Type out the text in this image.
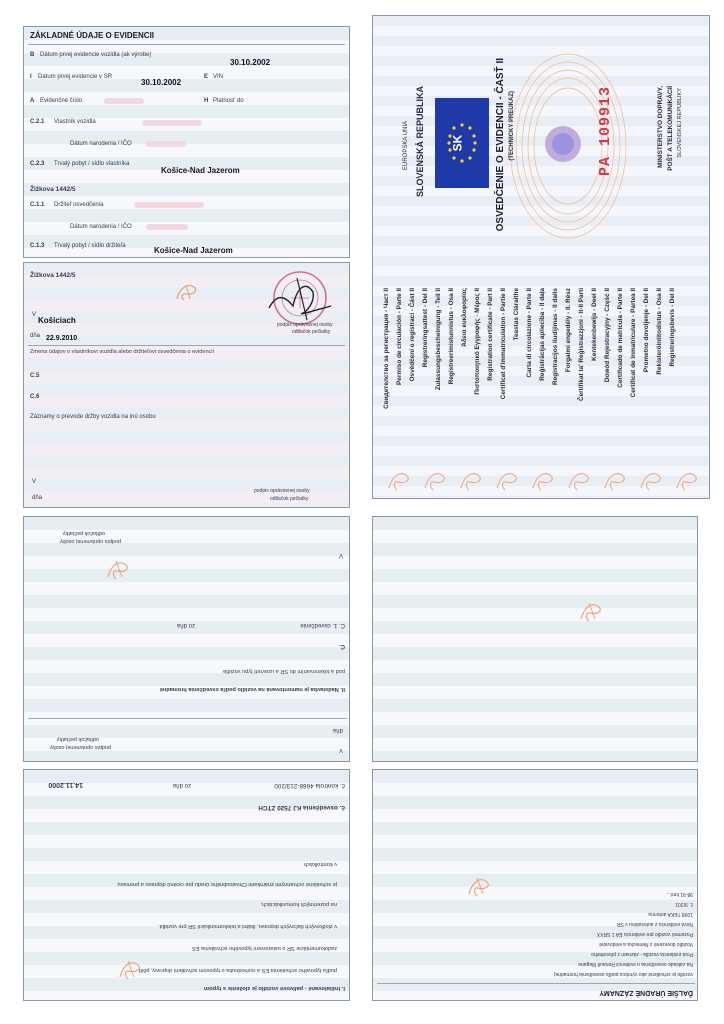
ZÁKLADNÉ ÚDAJE O EVIDENCII
B Dátum prvej evidencie vozidla (ak výrobe)
30.10.2002
I Dátum prvej evidencie v SR
30.10.2002
E VIN
A Evidenčné číslo	H Platnosť do
C.2.1 Vlastník vozidla
Dátum narodenia / IČO
C.2.3 Trvalý pobyt / sídlo vlastníka
Košice-Nad Jazerom
Žižkova 1442/5
C.1.1 Držiteľ osvedčenia
Dátum narodenia / IČO
C.1.3 Trvalý pobyt / sídlo držiteľa	Košice-Nad Jazerom
Žižkova 1442/5
V
Košiciach
dňa 22.9.2010
podpis oprávnenej osoby
odtlačok pečiatky
Zmena údajov o vlastníkovi vozidla alebo držiteľovi osvedčenia o evidencii
C.5
C.6
Záznamy o prevode držby vozidla na inú osobu
V
dňa
podpis oprávnenej osoby
odtlačok pečiatky
SK
EURÓPSKA ÚNIA SLOVENSKÁ REPUBLIKA	OSVEDČENIE O EVIDENCII - ČASŤ II (TECHNICKÝ PREUKAZ)	PA 109913	MINISTERSTVO DOPRAVY, POŠT A TELEKOMUNIKÁCIÍ SLOVENSKEJ REPUBLIKY
Свидетелство за регистрация - Част II Permiso de circulación - Parte II Osvědčení o registraci - Část II Registreringsattest - Del II Zulassungsbescheinigung - Teil II Registreerimistunnistus - Osa II Άδεια κυκλοφορίας Πιστοποιητικό Εγγραφής - Μέρος II Registration certificate - Part II Certificat d'immatriculation - Partie II Teastas Cláraithe Carta di circolazione - Parte II Reģistrācijas apliecība - II daļa Registracijos liudijimas - II dalis Forgalmi engedély - II. Rész Čertifikat ta' Reġistrazzjoni - It-II Parti Kentekenbewijs - Deel II Dowód Rejestracyjny - Część II Certificado de matrícula - Parte II Certificat de înmatriculare - Partea II Prometno dovoljenje - Del II Rekisteröintitodistus - Osa II Registreringsbevis - Del II
V
dňa
podpis oprávnenej osoby
odtlačok pečiatky
II. Nadstavba je namontovaná na vozidlo podľa osvedčenia hromadné
pod a tokenovaním do SR a uzavretí typu vozidla
C.
C. 1. osvedčenie
zo dňa
V
podpis oprávnenej osoby
odtlačok pečiatky
I. Inštalované - palivové vozidlo je zloženie s typom
podľa typového schválenia ES a rozhodnutia o typovom schválení dopravy, pôšt
zadokumentácie SR o ustanovení typového schválenia ES
v zložkových tlačových dopravu, štátni a telekomunikácií SR pre vozidlá
na pozemných komunikáciách,
je schválené ochrannými známkami Chvaloubného úradu pre cestnú dopravu a premavu
v kontrolkách
č. osvedčenia KJ 7520 ZTCH
č. kontrola 4668-213/200
zo dňa
14.11.2000
ĎALŠIE ÚRADNÉ ZÁZNAMY
vozidlo je schválené ako výrobca podľa osvedčenia hromadnej
Na základe osvedčenia o evidencii Renault Megane
Prvá evidencia vozidla - záznam z pôvodného
Vozidlo dovezené z Nemecka a evidované
Pozemné vozidlo pre evidenciu EA 1 SRXX
Nová evidencia z autosalónu v SR
1098 TEKA antenna
č. 9/201
98-91 km/...
